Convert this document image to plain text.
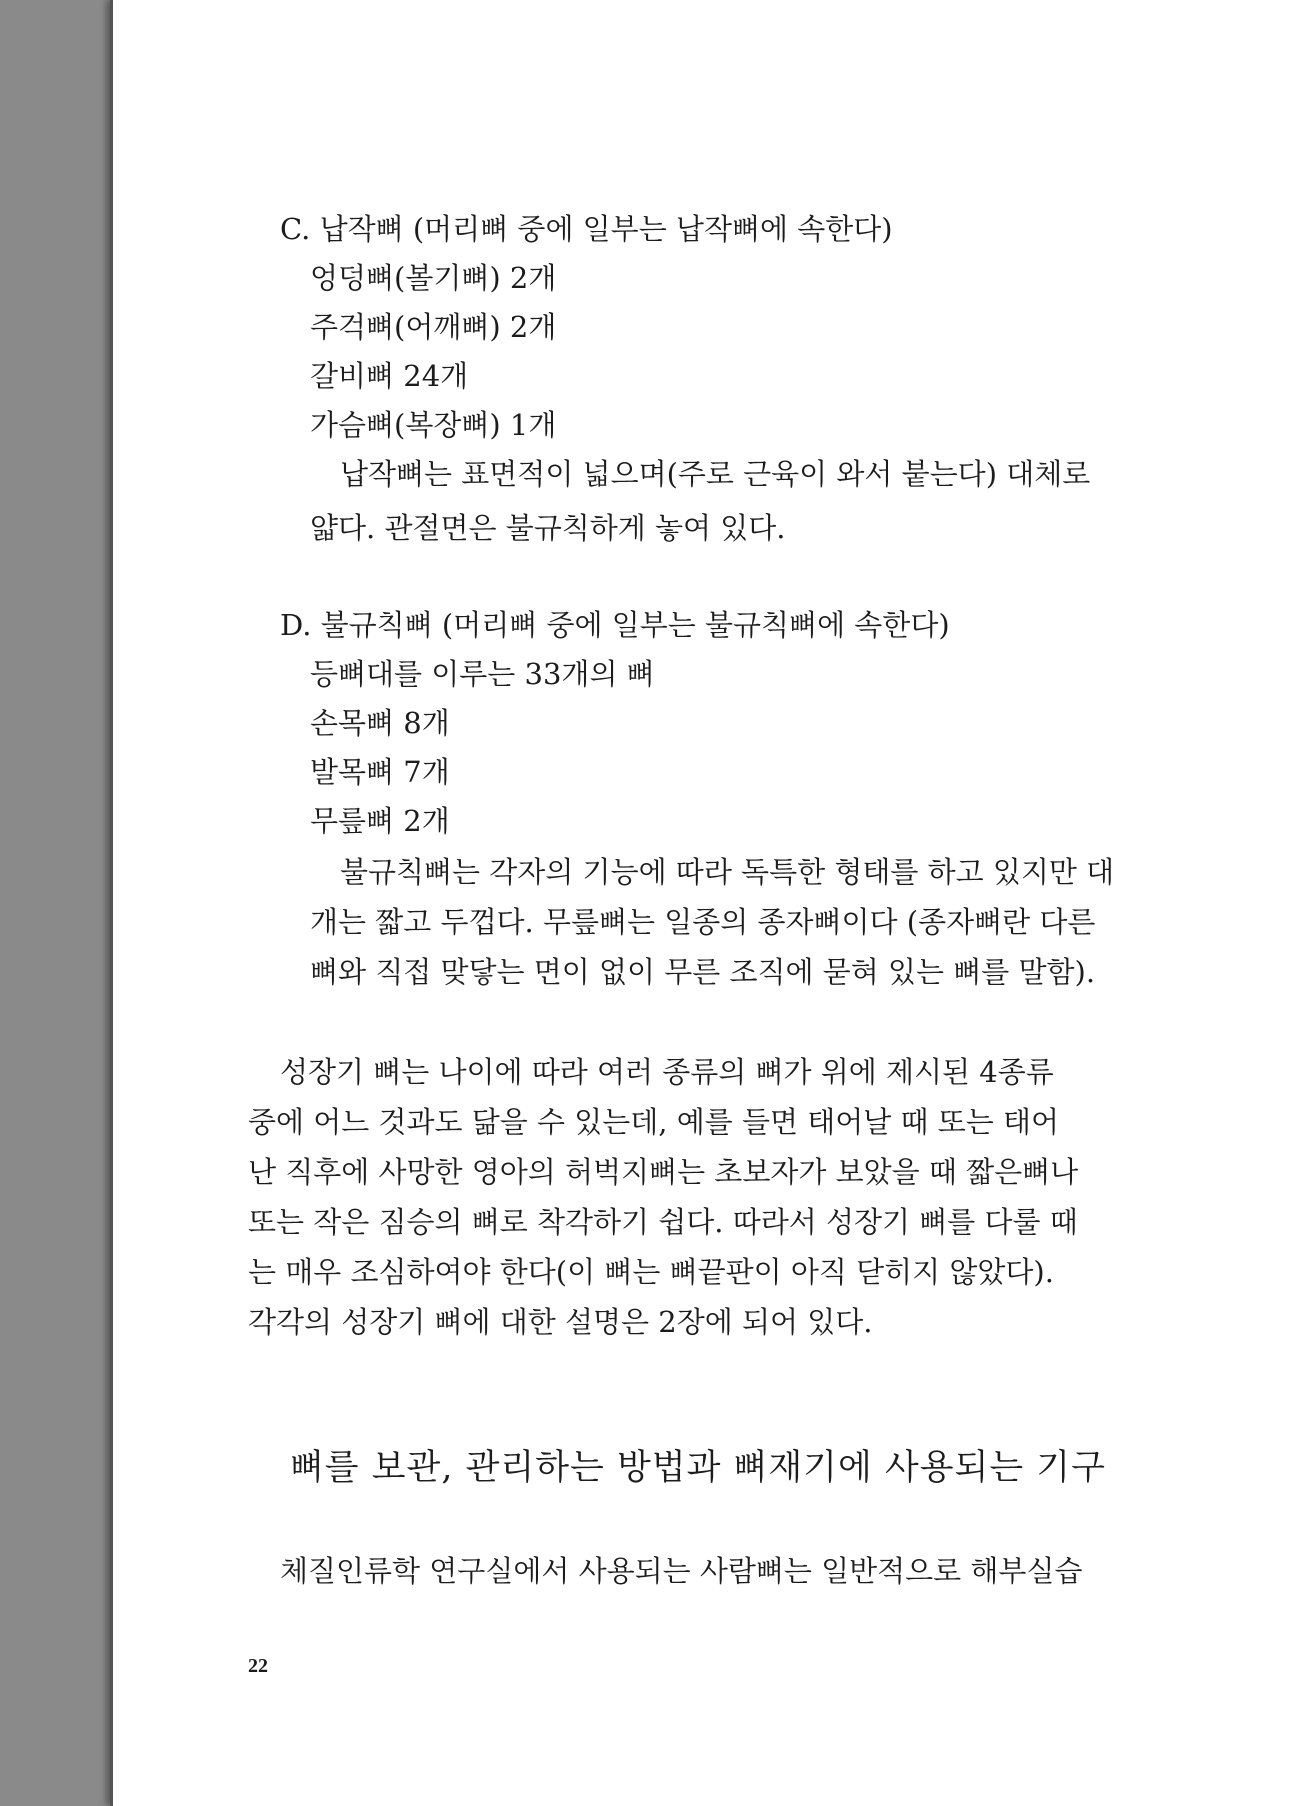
C. 납작뼈 (머리뼈 중에 일부는 납작뼈에 속한다)
엉덩뼈(볼기뼈) 2개
주걱뼈(어깨뼈) 2개
갈비뼈 24개
가슴뼈(복장뼈) 1개
납작뼈는 표면적이 넓으며(주로 근육이 와서 붙는다) 대체로
얇다. 관절면은 불규칙하게 놓여 있다.
D. 불규칙뼈 (머리뼈 중에 일부는 불규칙뼈에 속한다)
등뼈대를 이루는 33개의 뼈
손목뼈 8개
발목뼈 7개
무릎뼈 2개
불규칙뼈는 각자의 기능에 따라 독특한 형태를 하고 있지만 대
개는 짧고 두껍다. 무릎뼈는 일종의 종자뼈이다 (종자뼈란 다른
뼈와 직접 맞닿는 면이 없이 무른 조직에 묻혀 있는 뼈를 말함).
성장기 뼈는 나이에 따라 여러 종류의 뼈가 위에 제시된 4종류
중에 어느 것과도 닮을 수 있는데, 예를 들면 태어날 때 또는 태어
난 직후에 사망한 영아의 허벅지뼈는 초보자가 보았을 때 짧은뼈나
또는 작은 짐승의 뼈로 착각하기 쉽다. 따라서 성장기 뼈를 다룰 때
는 매우 조심하여야 한다(이 뼈는 뼈끝판이 아직 닫히지 않았다).
각각의 성장기 뼈에 대한 설명은 2장에 되어 있다.
뼈를 보관, 관리하는 방법과 뼈재기에 사용되는 기구
체질인류학 연구실에서 사용되는 사람뼈는 일반적으로 해부실습
22
